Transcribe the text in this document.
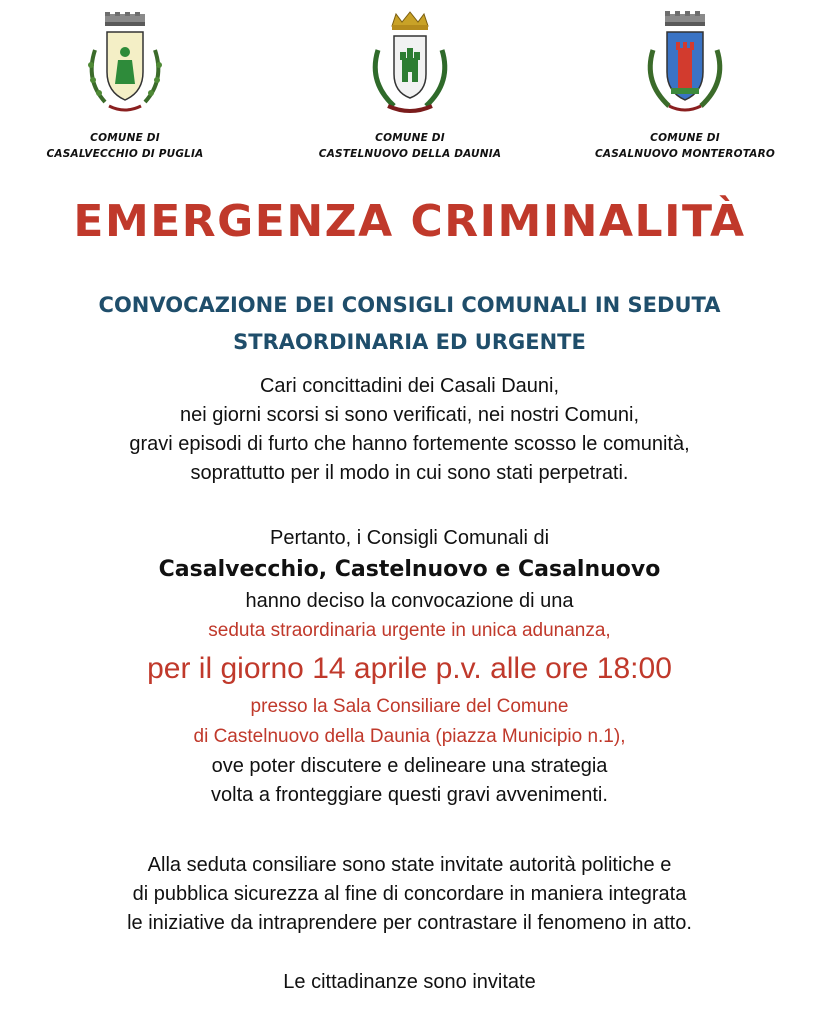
COMUNE DI
CASALVECCHIO DI PUGLIA
COMUNE DI
CASTELNUOVO DELLA DAUNIA
COMUNE DI
CASALNUOVO MONTEROTARO
EMERGENZA CRIMINALITÀ
CONVOCAZIONE DEI CONSIGLI COMUNALI IN SEDUTA
STRAORDINARIA ED URGENTE
Cari concittadini dei Casali Dauni,
nei giorni scorsi si sono verificati, nei nostri Comuni,
gravi episodi di furto che hanno fortemente scosso le comunità,
soprattutto per il modo in cui sono stati perpetrati.
Pertanto, i Consigli Comunali di
Casalvecchio, Castelnuovo e Casalnuovo
hanno deciso la convocazione di una
seduta straordinaria urgente in unica adunanza,
per il giorno 14 aprile p.v. alle ore 18:00
presso la Sala Consiliare del Comune
di Castelnuovo della Daunia (piazza Municipio n.1),
ove poter discutere e delineare una strategia
volta a fronteggiare questi gravi avvenimenti.
Alla seduta consiliare sono state invitate autorità politiche e
di pubblica sicurezza al fine di concordare in maniera integrata
le iniziative da intraprendere per contrastare il fenomeno in atto.
Le cittadinanze sono invitate
